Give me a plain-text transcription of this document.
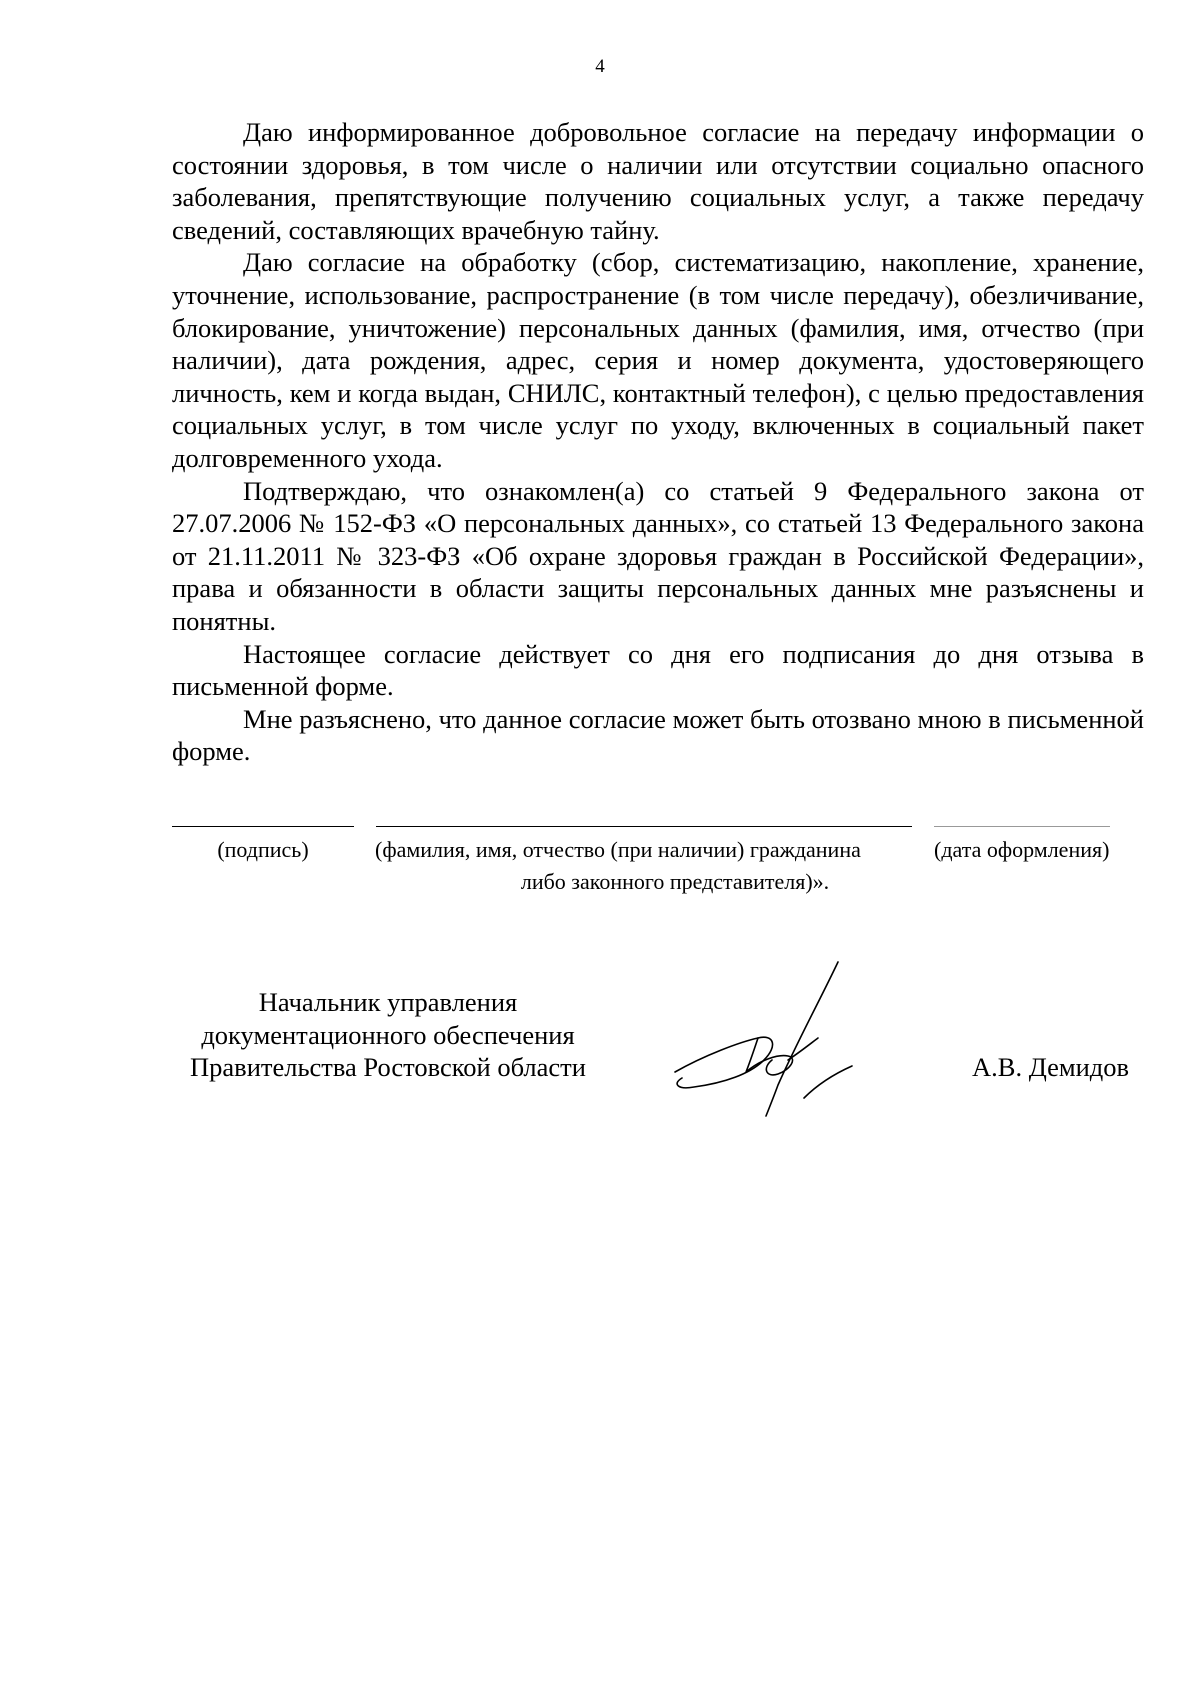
4

Даю информированное добровольное согласие на передачу информации о состоянии здоровья, в том числе о наличии или отсутствии социально опасного заболевания, препятствующие получению социальных услуг, а также передачу сведений, составляющих врачебную тайну.

Даю согласие на обработку (сбор, систематизацию, накопление, хранение, уточнение, использование, распространение (в том числе передачу), обезличивание, блокирование, уничтожение) персональных данных (фамилия, имя, отчество (при наличии), дата рождения, адрес, серия и номер документа, удостоверяющего личность, кем и когда выдан, СНИЛС, контактный телефон), с целью предоставления социальных услуг, в том числе услуг по уходу, включенных в социальный пакет долговременного ухода.

Подтверждаю, что ознакомлен(а) со статьей 9 Федерального закона от 27.07.2006 № 152-ФЗ «О персональных данных», со статьей 13 Федерального закона от 21.11.2011 № 323-ФЗ «Об охране здоровья граждан в Российской Федерации», права и обязанности в области защиты персональных данных мне разъяснены и понятны.

Настоящее согласие действует со дня его подписания до дня отзыва в письменной форме.

Мне разъяснено, что данное согласие может быть отозвано мною в письменной форме.

(подпись)	(фамилия, имя, отчество (при наличии) гражданина
либо законного представителя)».
(дата оформления)
Начальник управления
документационного обеспечения
Правительства Ростовской области	А.В. Демидов
